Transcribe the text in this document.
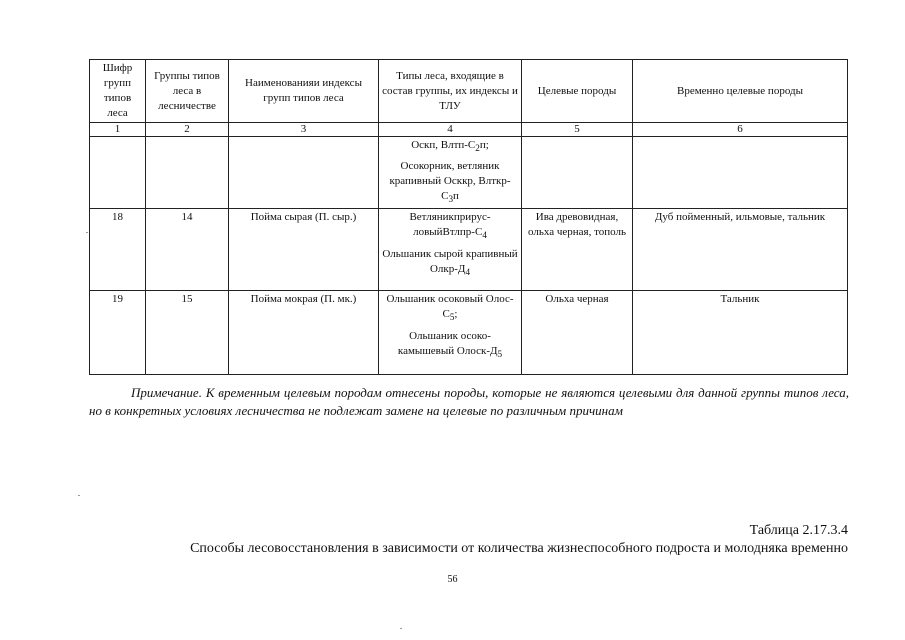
Шифр групп типов леса	Группы типов леса в лесничестве	Наименованияи индексы групп типов леса	Типы леса, входящие в состав группы, их индексы и ТЛУ	Целевые породы	Временно целевые породы
1	2	3	4	5	6

			Оскп, Влтп-$С_2п$;

Осокорник, ветляник крапивный Осккр, Влткр-$С_3п$		

18	14	Пойма сырая (П. сыр.)	Ветляникприрус-$ловыйВтлпр-С_4$

Ольшаник сырой крапивный Олкр-$Д_4$	Ива древовидная, ольха черная, тополь	Дуб пойменный, ильмовые, тальник
19	15	Пойма мокрая (П. мк.)	Ольшаник осоковый Олос-$С_5$;

Ольшаник осоко-камышевый Олоск-$Д_5$	Ольха черная	Тальник
Примечание. К временным целевым породам отнесены породы, которые не являются целевыми для данной группы типов леса, но в конкретных условиях лесничества не подлежат замене на целевые по различным причинам
Таблица 2.17.3.4
Способы лесовосстановления в зависимости от количества жизнеспособного подроста и молодняка временно
56
